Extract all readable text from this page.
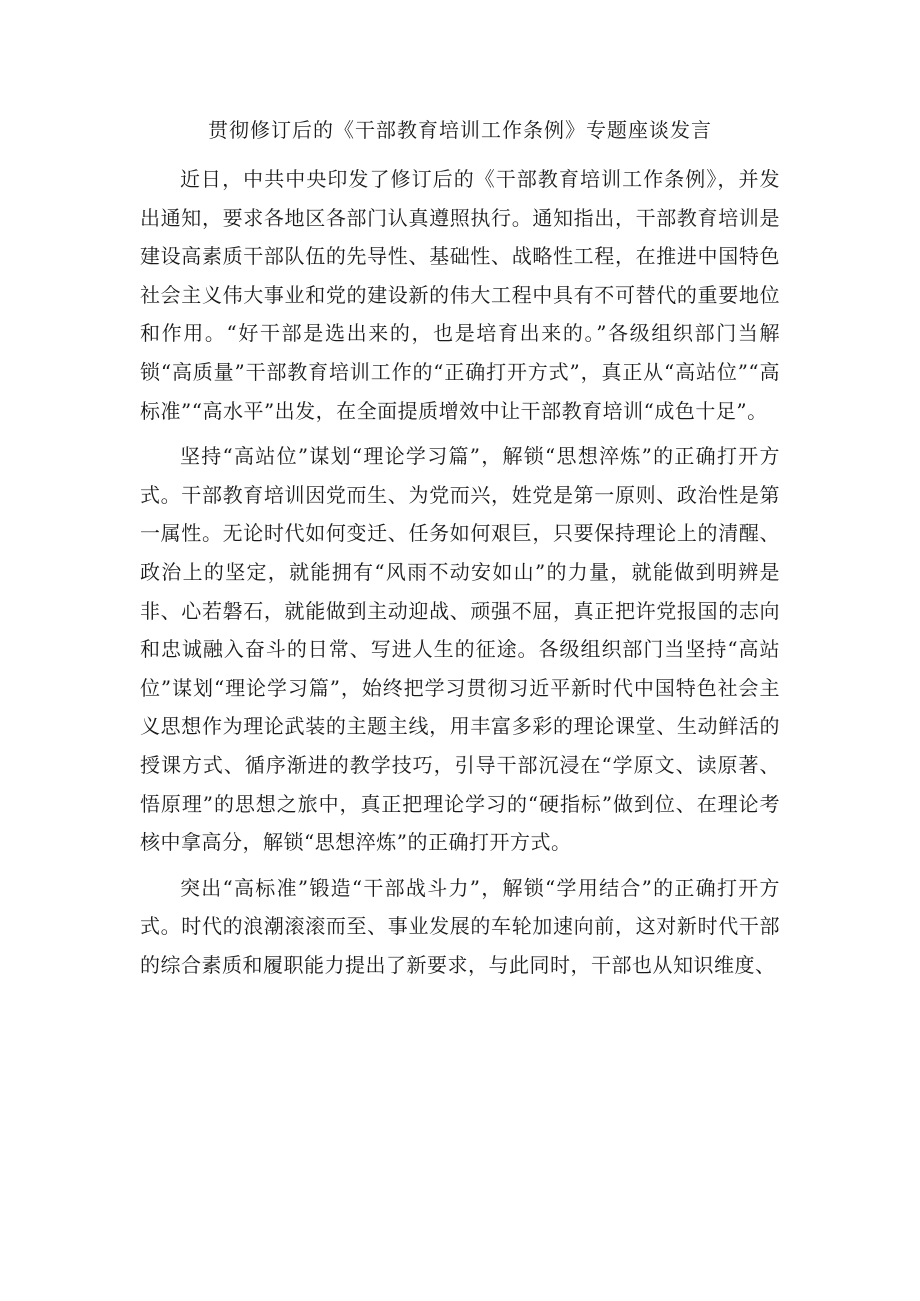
贯彻修订后的《干部教育培训工作条例》专题座谈发言

近日，中共中央印发了修订后的《干部教育培训工作条例》，并发出通知，要求各地区各部门认真遵照执行。通知指出，干部教育培训是建设高素质干部队伍的先导性、基础性、战略性工程，在推进中国特色社会主义伟大事业和党的建设新的伟大工程中具有不可替代的重要地位和作用。“好干部是选出来的，也是培育出来的。”各级组织部门当解锁“高质量”干部教育培训工作的“正确打开方式”，真正从“高站位”“高标准”“高水平”出发，在全面提质增效中让干部教育培训“成色十足”。

坚持“高站位”谋划“理论学习篇”，解锁“思想淬炼”的正确打开方式。干部教育培训因党而生、为党而兴，姓党是第一原则、政治性是第一属性。无论时代如何变迁、任务如何艰巨，只要保持理论上的清醒、政治上的坚定，就能拥有“风雨不动安如山”的力量，就能做到明辨是非、心若磐石，就能做到主动迎战、顽强不屈，真正把许党报国的志向和忠诚融入奋斗的日常、写进人生的征途。各级组织部门当坚持“高站位”谋划“理论学习篇”，始终把学习贯彻习近平新时代中国特色社会主义思想作为理论武装的主题主线，用丰富多彩的理论课堂、生动鲜活的授课方式、循序渐进的教学技巧，引导干部沉浸在“学原文、读原著、悟原理”的思想之旅中，真正把理论学习的“硬指标”做到位、在理论考核中拿高分，解锁“思想淬炼”的正确打开方式。

突出“高标准”锻造“干部战斗力”，解锁“学用结合”的正确打开方式。时代的浪潮滚滚而至、事业发展的车轮加速向前，这对新时代干部的综合素质和履职能力提出了新要求，与此同时，干部也从知识维度、
